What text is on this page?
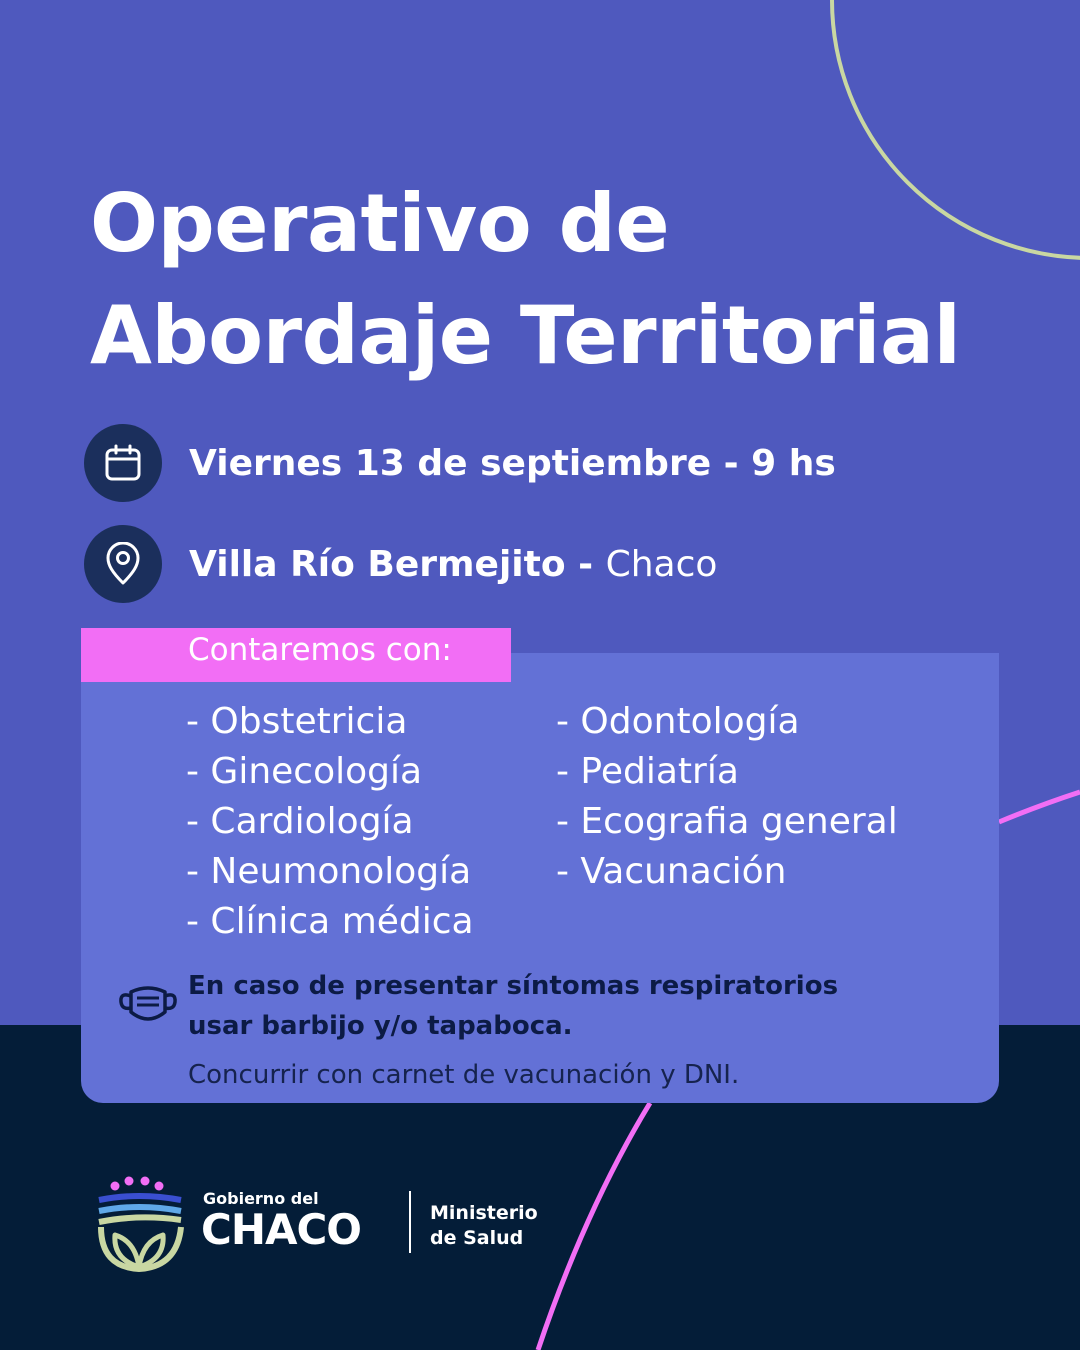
Operativo de
Abordaje Territorial
Viernes 13 de septiembre - 9 hs
Villa Río Bermejito - Chaco
Contaremos con:
- Obstetricia
- Ginecología
- Cardiología
- Neumonología
- Clínica médica
- Odontología
- Pediatría
- Ecografia general
- Vacunación
En caso de presentar síntomas respiratorios
usar barbijo y/o tapaboca.
Concurrir con carnet de vacunación y DNI.
Gobierno del
CHACO	Ministerio
de Salud
